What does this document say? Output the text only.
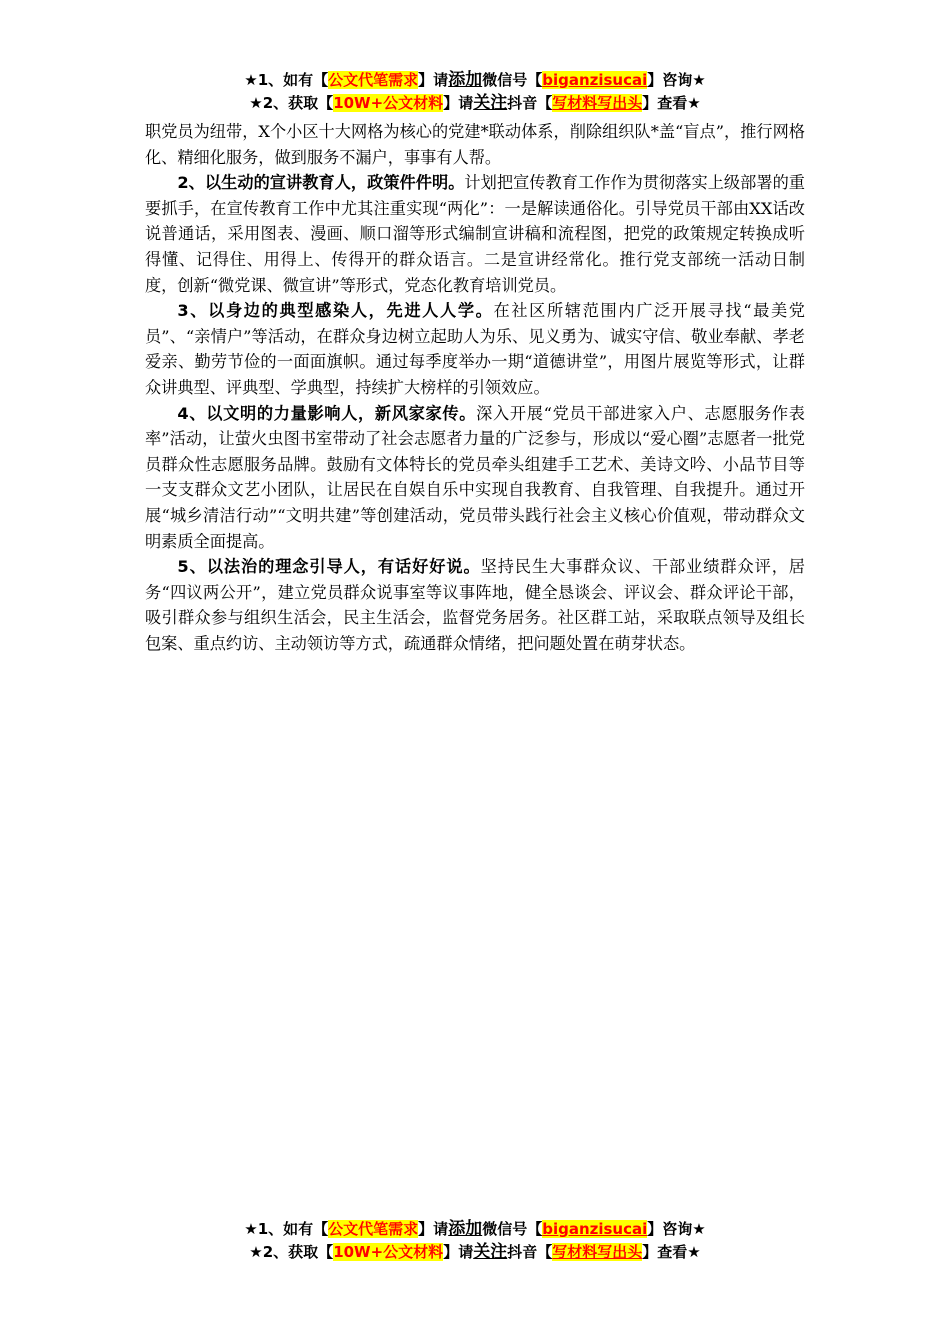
★1、如有【公文代笔需求】请添加微信号【biganzisucai】咨询★
★2、获取【10W+公文材料】请关注抖音【写材料写出头】查看★

职党员为纽带，X个小区十大网格为核心的党建*联动体系，削除组织队*盖“盲点”，推行网格化、精细化服务，做到服务不漏户，事事有人帮。

2、以生动的宣讲教育人，政策件件明。计划把宣传教育工作作为贯彻落实上级部署的重要抓手，在宣传教育工作中尤其注重实现“两化”：一是解读通俗化。引导党员干部由XX话改说普通话，采用图表、漫画、顺口溜等形式编制宣讲稿和流程图，把党的政策规定转换成听得懂、记得住、用得上、传得开的群众语言。二是宣讲经常化。推行党支部统一活动日制度，创新“微党课、微宣讲”等形式，党态化教育培训党员。

3、以身边的典型感染人，先进人人学。在社区所辖范围内广泛开展寻找“最美党员”、“亲情户”等活动，在群众身边树立起助人为乐、见义勇为、诚实守信、敬业奉献、孝老爱亲、勤劳节俭的一面面旗帜。通过每季度举办一期“道德讲堂”，用图片展览等形式，让群众讲典型、评典型、学典型，持续扩大榜样的引领效应。

4、以文明的力量影响人，新风家家传。深入开展“党员干部进家入户、志愿服务作表率”活动，让萤火虫图书室带动了社会志愿者力量的广泛参与，形成以“爱心圈”志愿者一批党员群众性志愿服务品牌。鼓励有文体特长的党员牵头组建手工艺术、美诗文吟、小品节目等一支支群众文艺小团队，让居民在自娱自乐中实现自我教育、自我管理、自我提升。通过开展“城乡清洁行动”“文明共建”等创建活动，党员带头践行社会主义核心价值观，带动群众文明素质全面提高。

5、以法治的理念引导人，有话好好说。坚持民生大事群众议、干部业绩群众评，居务“四议两公开”，建立党员群众说事室等议事阵地，健全恳谈会、评议会、群众评论干部，吸引群众参与组织生活会，民主生活会，监督党务居务。社区群工站，采取联点领导及组长包案、重点约访、主动领访等方式，疏通群众情绪，把问题处置在萌芽状态。

★1、如有【公文代笔需求】请添加微信号【biganzisucai】咨询★
★2、获取【10W+公文材料】请关注抖音【写材料写出头】查看★
